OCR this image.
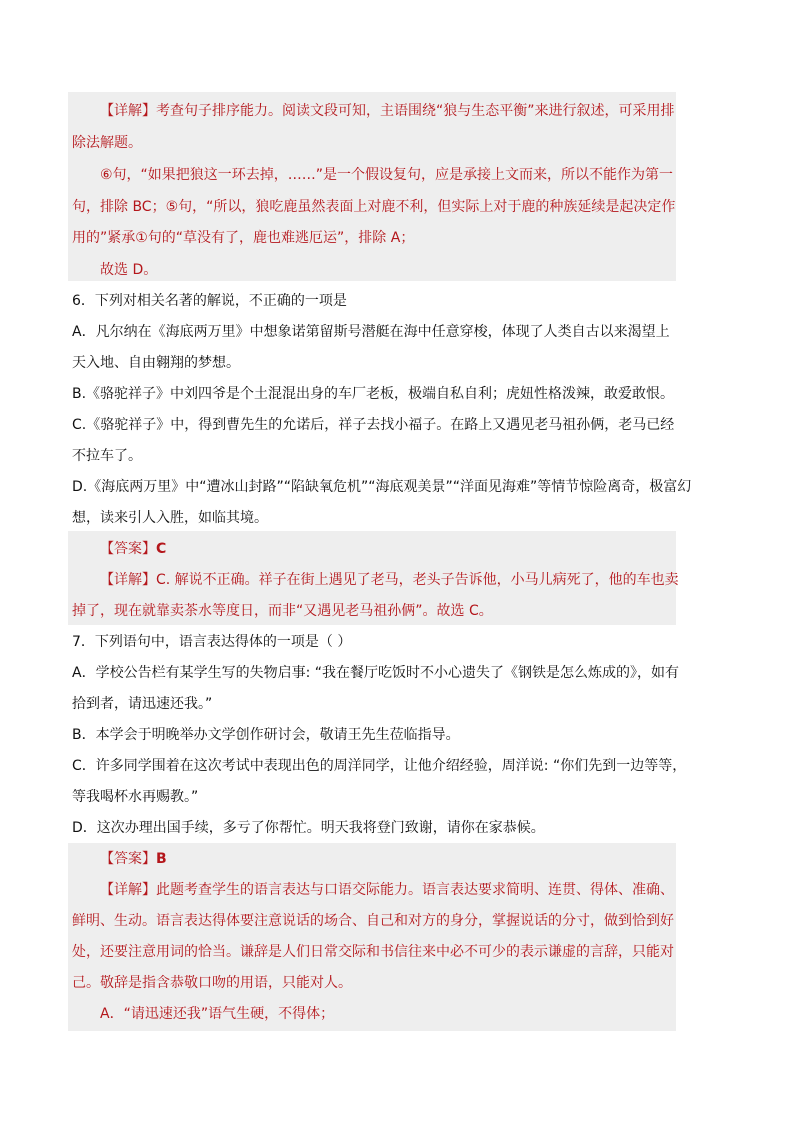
【详解】考查句子排序能力。阅读文段可知，主语围绕“狼与生态平衡”来进行叙述，可采用排
除法解题。
⑥句，“如果把狼这一环去掉，……”是一个假设复句，应是承接上文而来，所以不能作为第一
句，排除 BC；⑤句，“所以，狼吃鹿虽然表面上对鹿不利，但实际上对于鹿的种族延续是起决定作
用的”紧承①句的“草没有了，鹿也难逃厄运”，排除 A；
故选 D。
6．下列对相关名著的解说，不正确的一项是
A．凡尔纳在《海底两万里》中想象诺第留斯号潜艇在海中任意穿梭，体现了人类自古以来渴望上
天入地、自由翱翔的梦想。
B.《骆驼祥子》中刘四爷是个土混混出身的车厂老板，极端自私自利；虎妞性格泼辣，敢爱敢恨。
C.《骆驼祥子》中，得到曹先生的允诺后，祥子去找小福子。在路上又遇见老马祖孙俩，老马已经
不拉车了。
D.《海底两万里》中“遭冰山封路”“陷缺氧危机”“海底观美景”“洋面见海难”等情节惊险离奇，极富幻
想，读来引人入胜，如临其境。
【答案】C
【详解】C. 解说不正确。祥子在街上遇见了老马，老头子告诉他，小马儿病死了，他的车也卖
掉了，现在就靠卖茶水等度日，而非“又遇见老马祖孙俩”。故选 C。
7．下列语句中，语言表达得体的一项是（ ）
A．学校公告栏有某学生写的失物启事: “我在餐厅吃饭时不小心遗失了《钢铁是怎么炼成的》，如有
拾到者，请迅速还我。”
B．本学会于明晚举办文学创作研讨会，敬请王先生莅临指导。
C．许多同学围着在这次考试中表现出色的周洋同学，让他介绍经验，周洋说: “你们先到一边等等，
等我喝杯水再赐教。”
D．这次办理出国手续，多亏了你帮忙。明天我将登门致谢，请你在家恭候。
【答案】B
【详解】此题考查学生的语言表达与口语交际能力。语言表达要求简明、连贯、得体、准确、
鲜明、生动。语言表达得体要注意说话的场合、自己和对方的身分，掌握说话的分寸，做到恰到好
处，还要注意用词的恰当。谦辞是人们日常交际和书信往来中必不可少的表示谦虚的言辞，只能对
己。敬辞是指含恭敬口吻的用语，只能对人。
A．“请迅速还我”语气生硬，不得体；
